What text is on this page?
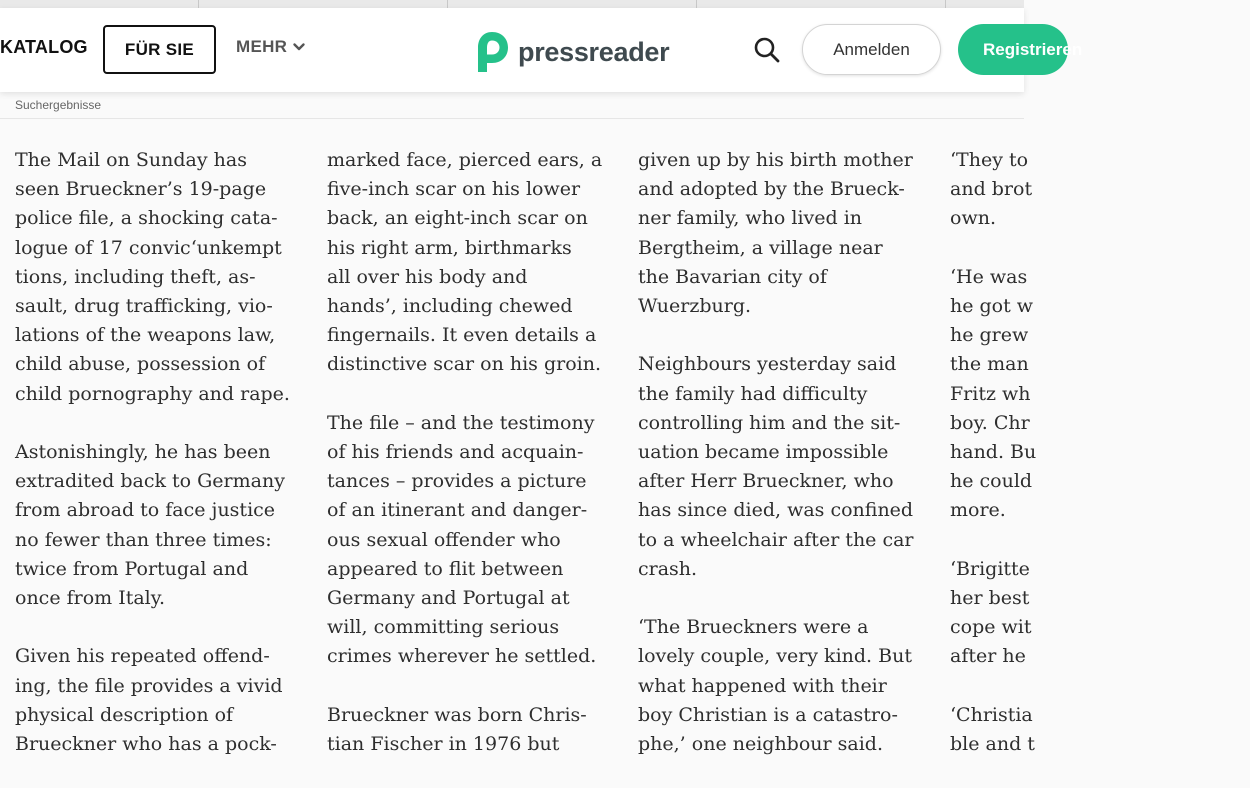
KATALOG FÜR SIE MEHR	pressreader	Anmelden	Registrieren
Suchergebnisse

The Mail on Sunday has
seen Brueckner’s 19-page
police file, a shocking cata-
logue of 17 convic‘unkempt
tions, including theft, as-
sault, drug trafficking, vio-
lations of the weapons law,
child abuse, possession of
child pornography and rape.

Astonishingly, he has been
extradited back to Germany
from abroad to face justice
no fewer than three times:
twice from Portugal and
once from Italy.

Given his repeated offend-
ing, the file provides a vivid
physical description of
Brueckner who has a pock-

marked face, pierced ears, a
five-inch scar on his lower
back, an eight-inch scar on
his right arm, birthmarks
all over his body and
hands’, including chewed
fingernails. It even details a
distinctive scar on his groin.

The file – and the testimony
of his friends and acquain-
tances – provides a picture
of an itinerant and danger-
ous sexual offender who
appeared to flit between
Germany and Portugal at
will, committing serious
crimes wherever he settled.

Brueckner was born Chris-
tian Fischer in 1976 but

given up by his birth mother
and adopted by the Brueck-
ner family, who lived in
Bergtheim, a village near
the Bavarian city of
Wuerzburg.

Neighbours yesterday said
the family had difficulty
controlling him and the sit-
uation became impossible
after Herr Brueckner, who
has since died, was confined
to a wheelchair after the car
crash.

‘The Brueckners were a
lovely couple, very kind. But
what happened with their
boy Christian is a catastro-
phe,’ one neighbour said.

‘They to
and brot
own.

‘He was
he got w
he grew
the man
Fritz wh
boy. Chr
hand. Bu
he could
more.

‘Brigitte
her best
cope wit
after he

‘Christia
ble and t
